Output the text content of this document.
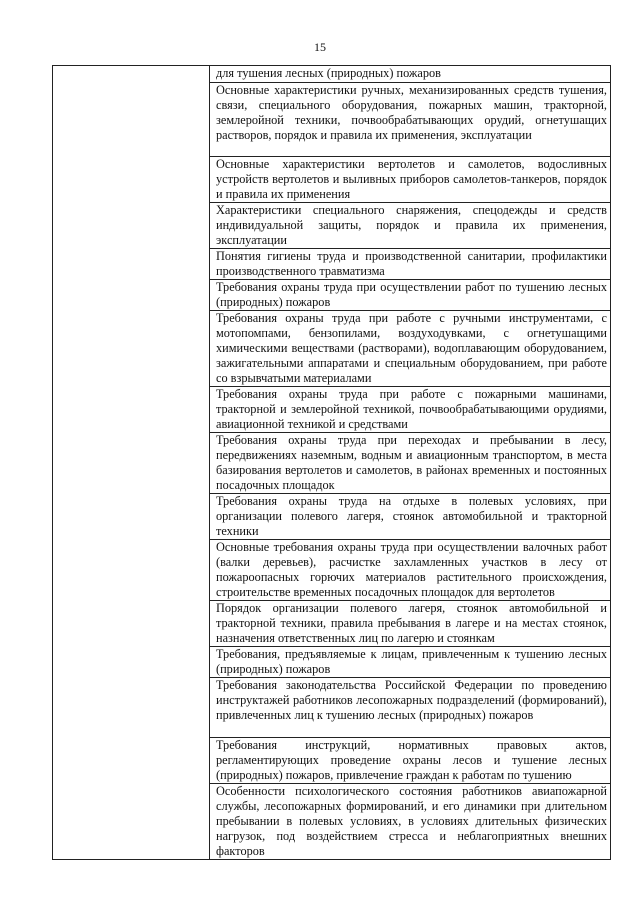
15

для тушения лесных (природных) пожаров

Основные характеристики ручных, механизированных средств тушения, связи, специального оборудования, пожарных машин, тракторной, землеройной техники, почвообрабатывающих орудий, огнетушащих растворов, порядок и правила их применения, эксплуатации

Основные характеристики вертолетов и самолетов, водосливных устройств вертолетов и выливных приборов самолетов-танкеров, порядок и правила их применения

Характеристики специального снаряжения, спецодежды и средств индивидуальной защиты, порядок и правила их применения, эксплуатации

Понятия гигиены труда и производственной санитарии, профилактики производственного травматизма

Требования охраны труда при осуществлении работ по тушению лесных (природных) пожаров

Требования охраны труда при работе с ручными инструментами, с мотопомпами, бензопилами, воздуходувками, с огнетушащими химическими веществами (растворами), водоплавающим оборудованием, зажигательными аппаратами и специальным оборудованием, при работе со взрывчатыми материалами

Требования охраны труда при работе с пожарными машинами, тракторной и землеройной техникой, почвообрабатывающими орудиями, авиационной техникой и средствами

Требования охраны труда при переходах и пребывании в лесу, передвижениях наземным, водным и авиационным транспортом, в места базирования вертолетов и самолетов, в районах временных и постоянных посадочных площадок

Требования охраны труда на отдыхе в полевых условиях, при организации полевого лагеря, стоянок автомобильной и тракторной техники

Основные требования охраны труда при осуществлении валочных работ (валки деревьев), расчистке захламленных участков в лесу от пожароопасных горючих материалов растительного происхождения, строительстве временных посадочных площадок для вертолетов

Порядок организации полевого лагеря, стоянок автомобильной и тракторной техники, правила пребывания в лагере и на местах стоянок, назначения ответственных лиц по лагерю и стоянкам

Требования, предъявляемые к лицам, привлеченным к тушению лесных (природных) пожаров

Требования законодательства Российской Федерации по проведению инструктажей работников лесопожарных подразделений (формирований), привлеченных лиц к тушению лесных (природных) пожаров

Требования инструкций, нормативных правовых актов, регламентирующих проведение охраны лесов и тушение лесных (природных) пожаров, привлечение граждан к работам по тушению

Особенности психологического состояния работников авиапожарной службы, лесопожарных формирований, и его динамики при длительном пребывании в полевых условиях, в условиях длительных физических нагрузок, под воздействием стресса и неблагоприятных внешних факторов
